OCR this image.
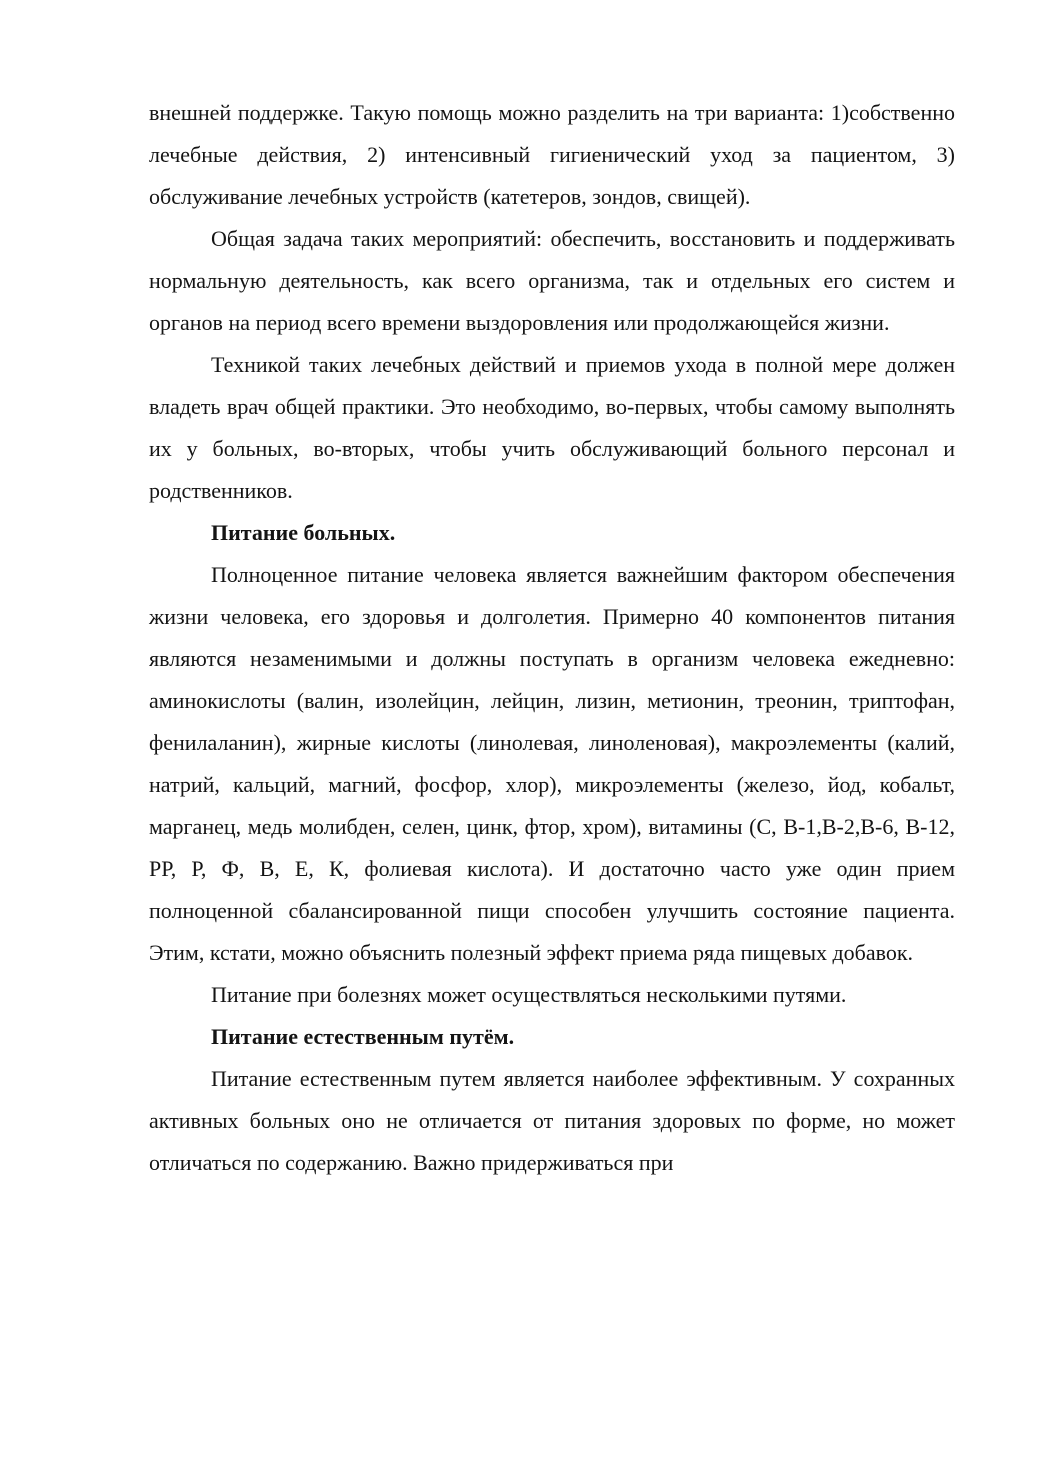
внешней поддержке. Такую помощь можно разделить на три варианта: 1)собственно лечебные действия, 2) интенсивный гигиенический уход за пациентом, 3) обслуживание лечебных устройств (катетеров, зондов, свищей).

Общая задача таких мероприятий: обеспечить, восстановить и поддерживать нормальную деятельность, как всего организма, так и отдельных его систем и органов на период всего времени выздоровления или продолжающейся жизни.

Техникой таких лечебных действий и приемов ухода в полной мере должен владеть врач общей практики. Это необходимо, во-первых, чтобы самому выполнять их у больных, во-вторых, чтобы учить обслуживающий больного персонал и родственников.

Питание больных.

Полноценное питание человека является важнейшим фактором обеспечения жизни человека, его здоровья и долголетия. Примерно 40 компонентов питания являются незаменимыми и должны поступать в организм человека ежедневно: аминокислоты (валин, изолейцин, лейцин, лизин, метионин, треонин, триптофан, фенилаланин), жирные кислоты (линолевая, линоленовая), макроэлементы (калий, натрий, кальций, магний, фосфор, хлор), микроэлементы (железо, йод, кобальт, марганец, медь молибден, селен, цинк, фтор, хром), витамины (С, В-1,В-2,В-6, В-12, РР, Р, Ф, В, Е, К, фолиевая кислота). И достаточно часто уже один прием полноценной сбалансированной пищи способен улучшить состояние пациента. Этим, кстати, можно объяснить полезный эффект приема ряда пищевых добавок.

Питание при болезнях может осуществляться несколькими путями.

Питание естественным путём.

Питание естественным путем является наиболее эффективным. У сохранных активных больных оно не отличается от питания здоровых по форме, но может отличаться по содержанию. Важно придерживаться при
